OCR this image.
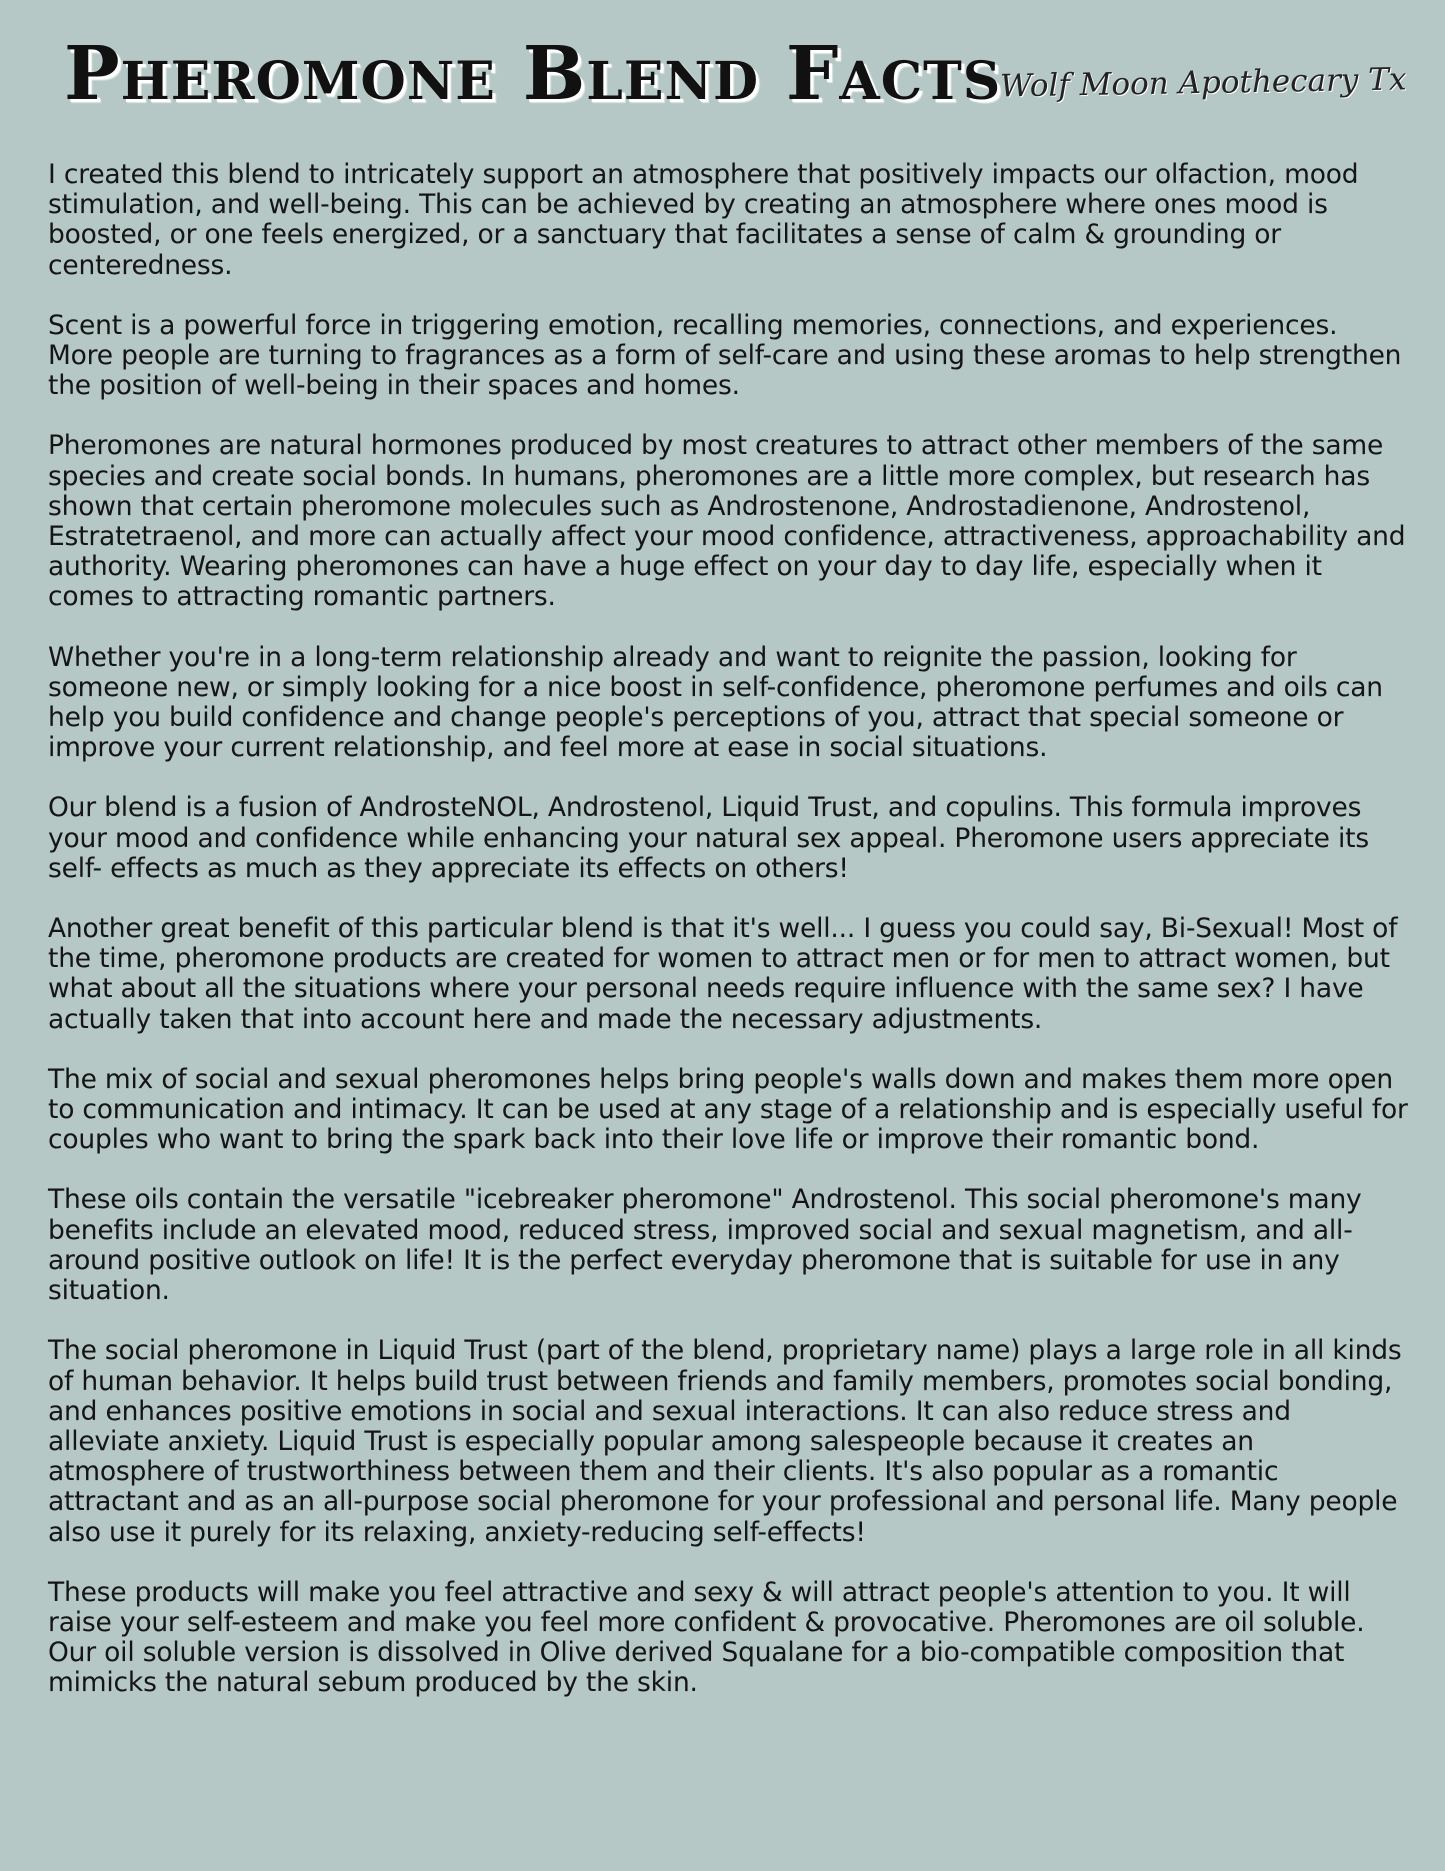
Pheromone Blend Facts
Wolf Moon Apothecary Tx

I created this blend to intricately support an atmosphere that positively impacts our olfaction, mood stimulation, and well-being. This can be achieved by creating an atmosphere where ones mood is boosted, or one feels energized, or a sanctuary that facilitates a sense of calm & grounding or centeredness.

Scent is a powerful force in triggering emotion, recalling memories, connections, and experiences. More people are turning to fragrances as a form of self-care and using these aromas to help strengthen the position of well-being in their spaces and homes.

Pheromones are natural hormones produced by most creatures to attract other members of the same species and create social bonds. In humans, pheromones are a little more complex, but research has shown that certain pheromone molecules such as Androstenone, Androstadienone, Androstenol, Estratetraenol, and more can actually affect your mood confidence, attractiveness, approachability and authority. Wearing pheromones can have a huge effect on your day to day life, especially when it comes to attracting romantic partners.

Whether you're in a long-term relationship already and want to reignite the passion, looking for someone new, or simply looking for a nice boost in self-confidence, pheromone perfumes and oils can help you build confidence and change people's perceptions of you, attract that special someone or improve your current relationship, and feel more at ease in social situations.

Our blend is a fusion of AndrosteNOL, Androstenol, Liquid Trust, and copulins. This formula improves your mood and confidence while enhancing your natural sex appeal. Pheromone users appreciate its self- effects as much as they appreciate its effects on others!

Another great benefit of this particular blend is that it's well... I guess you could say, Bi-Sexual! Most of the time, pheromone products are created for women to attract men or for men to attract women, but what about all the situations where your personal needs require influence with the same sex? I have actually taken that into account here and made the necessary adjustments.

The mix of social and sexual pheromones helps bring people's walls down and makes them more open to communication and intimacy. It can be used at any stage of a relationship and is especially useful for couples who want to bring the spark back into their love life or improve their romantic bond.

These oils contain the versatile "icebreaker pheromone" Androstenol. This social pheromone's many benefits include an elevated mood, reduced stress, improved social and sexual magnetism, and all-around positive outlook on life! It is the perfect everyday pheromone that is suitable for use in any situation.

The social pheromone in Liquid Trust (part of the blend, proprietary name) plays a large role in all kinds of human behavior. It helps build trust between friends and family members, promotes social bonding, and enhances positive emotions in social and sexual interactions. It can also reduce stress and alleviate anxiety. Liquid Trust is especially popular among salespeople because it creates an atmosphere of trustworthiness between them and their clients. It's also popular as a romantic attractant and as an all-purpose social pheromone for your professional and personal life. Many people also use it purely for its relaxing, anxiety-reducing self-effects!

These products will make you feel attractive and sexy & will attract people's attention to you. It will raise your self-esteem and make you feel more confident & provocative. Pheromones are oil soluble. Our oil soluble version is dissolved in Olive derived Squalane for a bio-compatible composition that mimicks the natural sebum produced by the skin.
